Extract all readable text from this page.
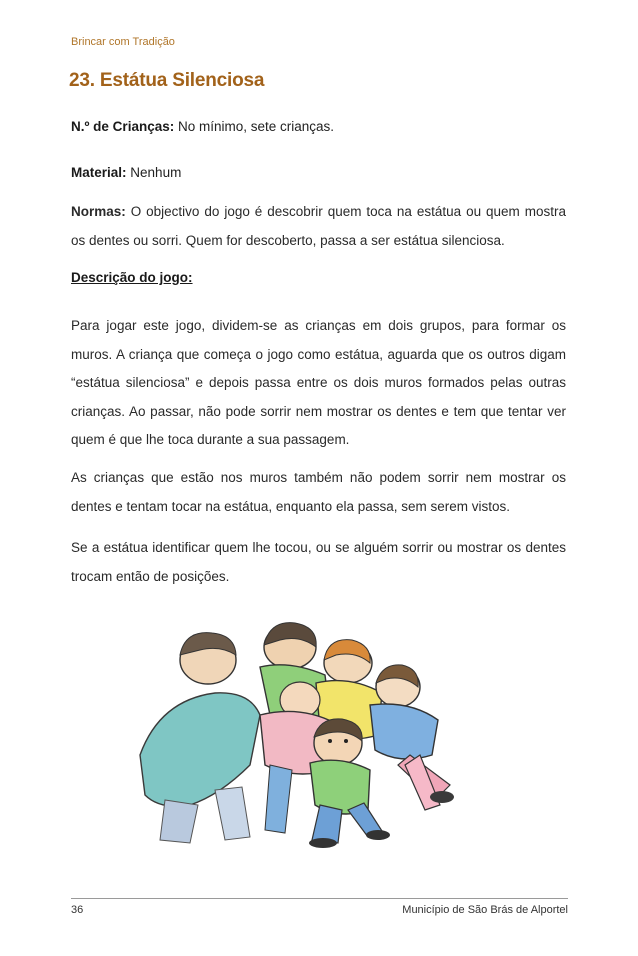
Brincar com Tradição
23. Estátua Silenciosa
N.º de Crianças: No mínimo, sete crianças.
Material: Nenhum
Normas: O objectivo do jogo é descobrir quem toca na estátua ou quem mostra os dentes ou sorri. Quem for descoberto, passa a ser estátua silenciosa.
Descrição do jogo:
Para jogar este jogo, dividem-se as crianças em dois grupos, para formar os muros. A criança que começa o jogo como estátua, aguarda que os outros digam “estátua silenciosa” e depois passa entre os dois muros formados pelas outras crianças. Ao passar, não pode sorrir nem mostrar os dentes e tem que tentar ver quem é que lhe toca durante a sua passagem.
As crianças que estão nos muros também não podem sorrir nem mostrar os dentes e tentam tocar na estátua, enquanto ela passa, sem serem vistos.
Se a estátua identificar quem lhe tocou, ou se alguém sorrir ou mostrar os dentes trocam então de posições.
36	Município de São Brás de Alportel
